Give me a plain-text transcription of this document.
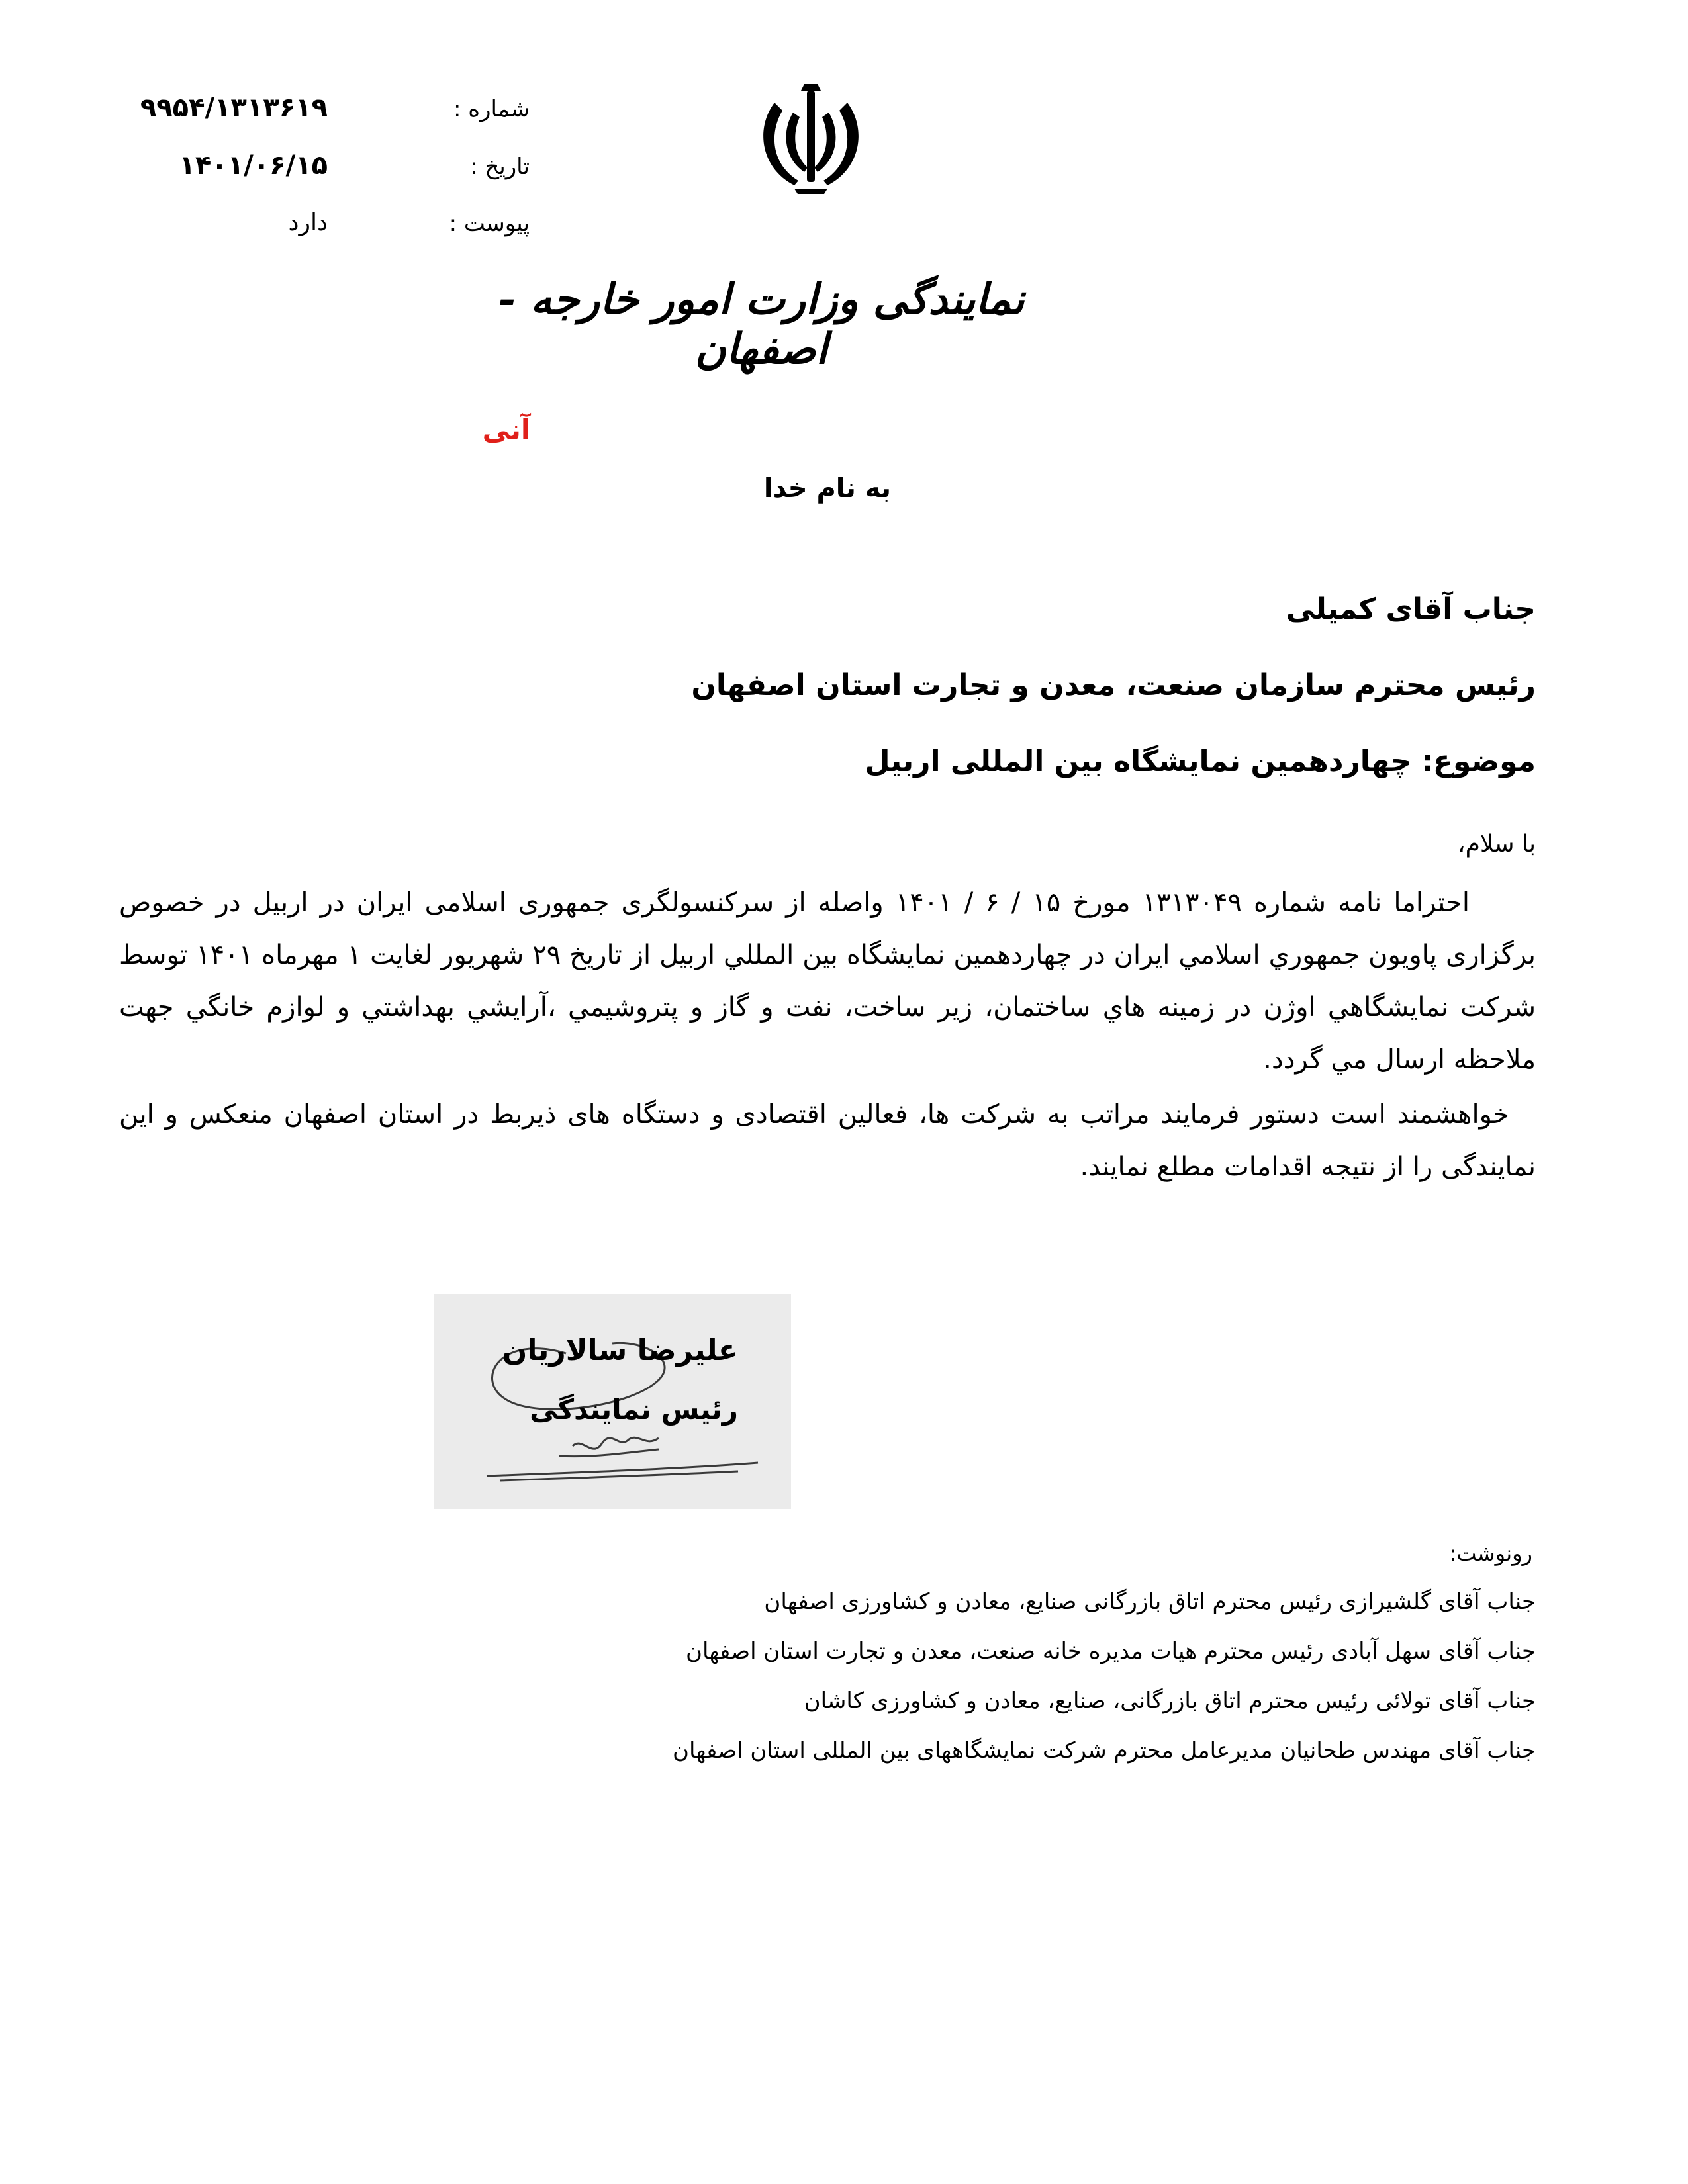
شماره :
۹۹۵۴/۱۳۱۳۶۱۹
تاریخ :
۱۴۰۱/۰۶/۱۵
پیوست :
دارد
نمایندگی وزارت امور خارجه - اصفهان
آنی
به نام خدا
جناب آقای کمیلی
رئیس محترم سازمان صنعت، معدن و تجارت استان اصفهان
موضوع: چهاردهمین نمایشگاه بین المللی اربیل
با سلام،
احتراما نامه شماره ۱۳۱۳۰۴۹ مورخ ۱۵ / ۶ / ۱۴۰۱ واصله از سرکنسولگری جمهوری اسلامی ایران در اربیل در خصوص برگزاری پاويون جمهوري اسلامي ايران در چهاردهمین نمایشگاه بین المللي اربيل از تاریخ ۲۹ شهریور لغایت ۱ مهرماه ۱۴۰۱ توسط شرکت نمايشگاهي اوژن در زمينه هاي ساختمان، زير ساخت، نفت و گاز و پتروشيمي ،آرايشي بهداشتي و لوازم خانگي جهت ملاحظه ارسال مي گردد.
خواهشمند است دستور فرمایند مراتب به شرکت ها، فعالین اقتصادی و دستگاه های ذیربط در استان اصفهان منعکس و این نمایندگی را از نتیجه اقدامات مطلع نمایند.
علیرضا سالاریان
رئیس نمایندگی
رونوشت:
جناب آقای گلشیرازی رئیس محترم اتاق بازرگانی صنایع، معادن و کشاورزی اصفهان
جناب آقای سهل آبادی رئیس محترم هیات مدیره خانه صنعت، معدن و تجارت استان اصفهان
جناب آقای تولائی رئیس محترم اتاق بازرگانی، صنایع، معادن و کشاورزی کاشان
جناب آقای مهندس طحانیان مدیرعامل محترم شرکت نمایشگاههای بین المللی استان اصفهان
